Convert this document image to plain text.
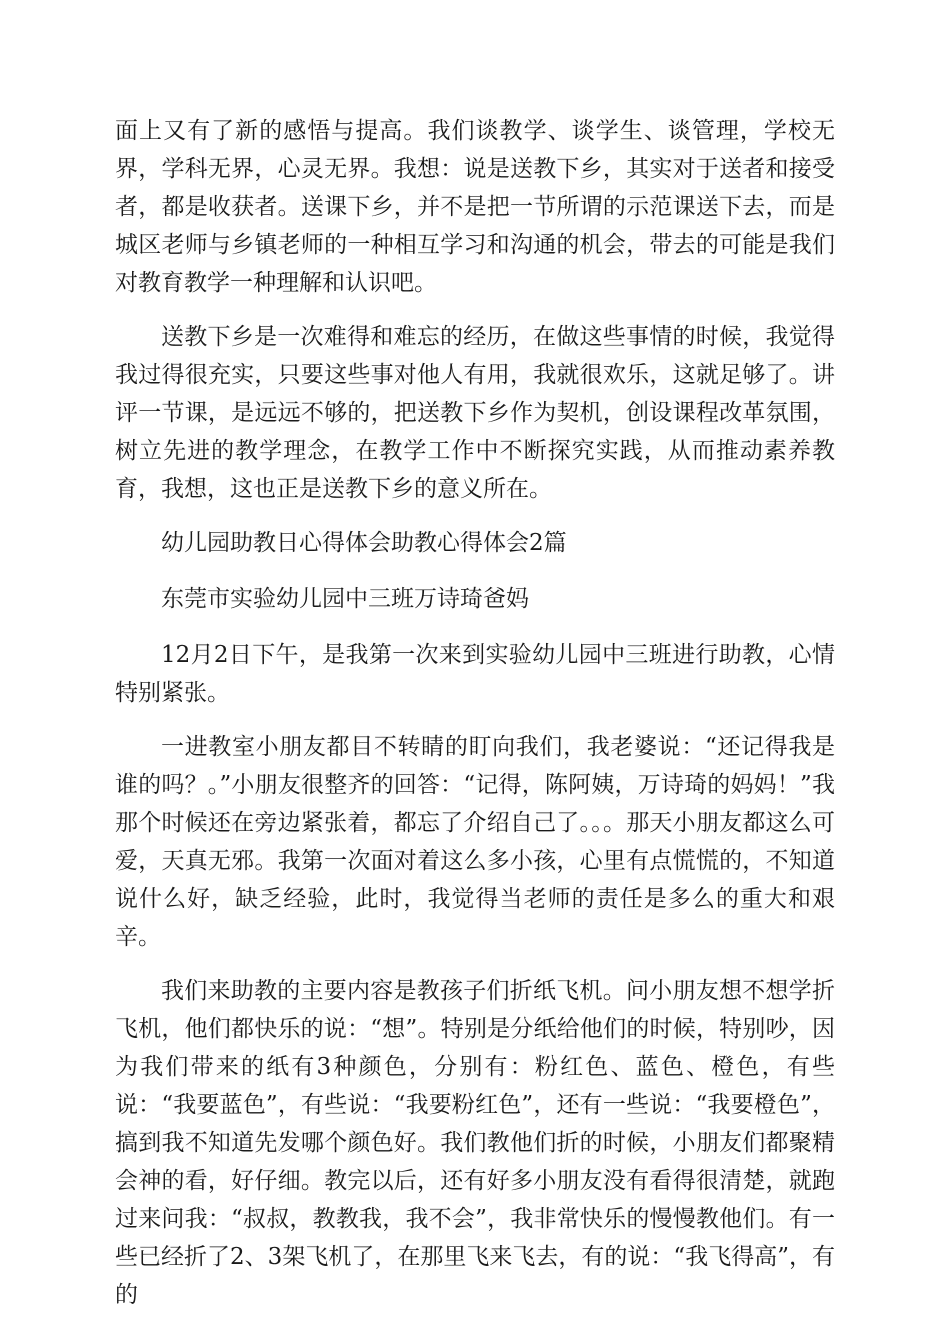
面上又有了新的感悟与提高。我们谈教学、谈学生、谈管理，学校无界，学科无界，心灵无界。我想：说是送教下乡，其实对于送者和接受者，都是收获者。送课下乡，并不是把一节所谓的示范课送下去，而是城区老师与乡镇老师的一种相互学习和沟通的机会，带去的可能是我们对教育教学一种理解和认识吧。

送教下乡是一次难得和难忘的经历，在做这些事情的时候，我觉得我过得很充实，只要这些事对他人有用，我就很欢乐，这就足够了。讲评一节课，是远远不够的，把送教下乡作为契机，创设课程改革氛围，树立先进的教学理念，在教学工作中不断探究实践，从而推动素养教育，我想，这也正是送教下乡的意义所在。

幼儿园助教日心得体会助教心得体会2篇

东莞市实验幼儿园中三班万诗琦爸妈

12月2日下午，是我第一次来到实验幼儿园中三班进行助教，心情特别紧张。

一进教室小朋友都目不转睛的盯向我们，我老婆说：“还记得我是谁的吗？。”小朋友很整齐的回答：“记得，陈阿姨，万诗琦的妈妈！”我那个时候还在旁边紧张着，都忘了介绍自己了。。。那天小朋友都这么可爱，天真无邪。我第一次面对着这么多小孩，心里有点慌慌的，不知道说什么好，缺乏经验，此时，我觉得当老师的责任是多么的重大和艰辛。

我们来助教的主要内容是教孩子们折纸飞机。问小朋友想不想学折飞机，他们都快乐的说：“想”。特别是分纸给他们的时候，特别吵，因为我们带来的纸有3种颜色，分别有：粉红色、蓝色、橙色，有些说：“我要蓝色”，有些说：“我要粉红色”，还有一些说：“我要橙色”，搞到我不知道先发哪个颜色好。我们教他们折的时候，小朋友们都聚精会神的看，好仔细。教完以后，还有好多小朋友没有看得很清楚，就跑过来问我：“叔叔，教教我，我不会”，我非常快乐的慢慢教他们。有一些已经折了2、3架飞机了，在那里飞来飞去，有的说：“我飞得高”，有的
